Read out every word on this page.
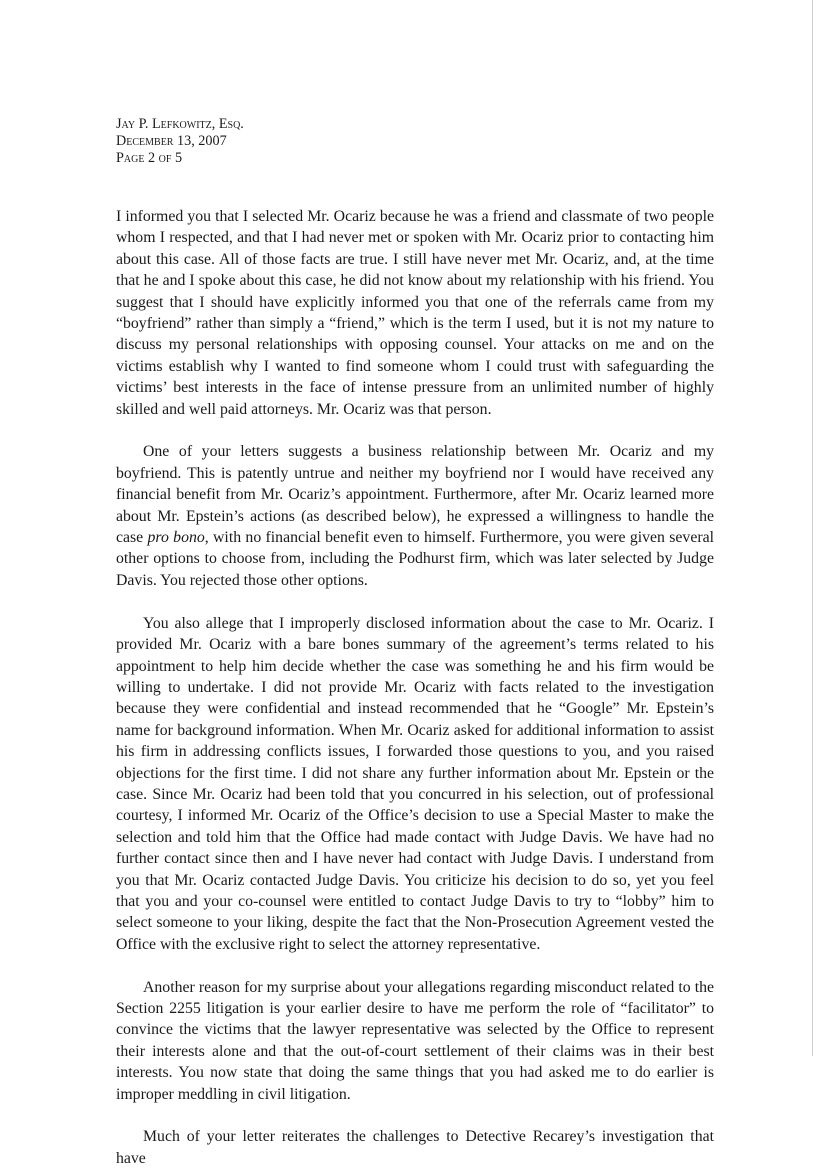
Jay P. Lefkowitz, Esq.
December 13, 2007
Page 2 of 5

I informed you that I selected Mr. Ocariz because he was a friend and classmate of two people whom I respected, and that I had never met or spoken with Mr. Ocariz prior to contacting him about this case. All of those facts are true. I still have never met Mr. Ocariz, and, at the time that he and I spoke about this case, he did not know about my relationship with his friend. You suggest that I should have explicitly informed you that one of the referrals came from my “boyfriend” rather than simply a “friend,” which is the term I used, but it is not my nature to discuss my personal relationships with opposing counsel. Your attacks on me and on the victims establish why I wanted to find someone whom I could trust with safeguarding the victims’ best interests in the face of intense pressure from an unlimited number of highly skilled and well paid attorneys. Mr. Ocariz was that person.

One of your letters suggests a business relationship between Mr. Ocariz and my boyfriend. This is patently untrue and neither my boyfriend nor I would have received any financial benefit from Mr. Ocariz’s appointment. Furthermore, after Mr. Ocariz learned more about Mr. Epstein’s actions (as described below), he expressed a willingness to handle the case pro bono, with no financial benefit even to himself. Furthermore, you were given several other options to choose from, including the Podhurst firm, which was later selected by Judge Davis. You rejected those other options.

You also allege that I improperly disclosed information about the case to Mr. Ocariz. I provided Mr. Ocariz with a bare bones summary of the agreement’s terms related to his appointment to help him decide whether the case was something he and his firm would be willing to undertake. I did not provide Mr. Ocariz with facts related to the investigation because they were confidential and instead recommended that he “Google” Mr. Epstein’s name for background information. When Mr. Ocariz asked for additional information to assist his firm in addressing conflicts issues, I forwarded those questions to you, and you raised objections for the first time. I did not share any further information about Mr. Epstein or the case. Since Mr. Ocariz had been told that you concurred in his selection, out of professional courtesy, I informed Mr. Ocariz of the Office’s decision to use a Special Master to make the selection and told him that the Office had made contact with Judge Davis. We have had no further contact since then and I have never had contact with Judge Davis. I understand from you that Mr. Ocariz contacted Judge Davis. You criticize his decision to do so, yet you feel that you and your co-counsel were entitled to contact Judge Davis to try to “lobby” him to select someone to your liking, despite the fact that the Non-Prosecution Agreement vested the Office with the exclusive right to select the attorney representative.

Another reason for my surprise about your allegations regarding misconduct related to the Section 2255 litigation is your earlier desire to have me perform the role of “facilitator” to convince the victims that the lawyer representative was selected by the Office to represent their interests alone and that the out-of-court settlement of their claims was in their best interests. You now state that doing the same things that you had asked me to do earlier is improper meddling in civil litigation.

Much of your letter reiterates the challenges to Detective Recarey’s investigation that have
